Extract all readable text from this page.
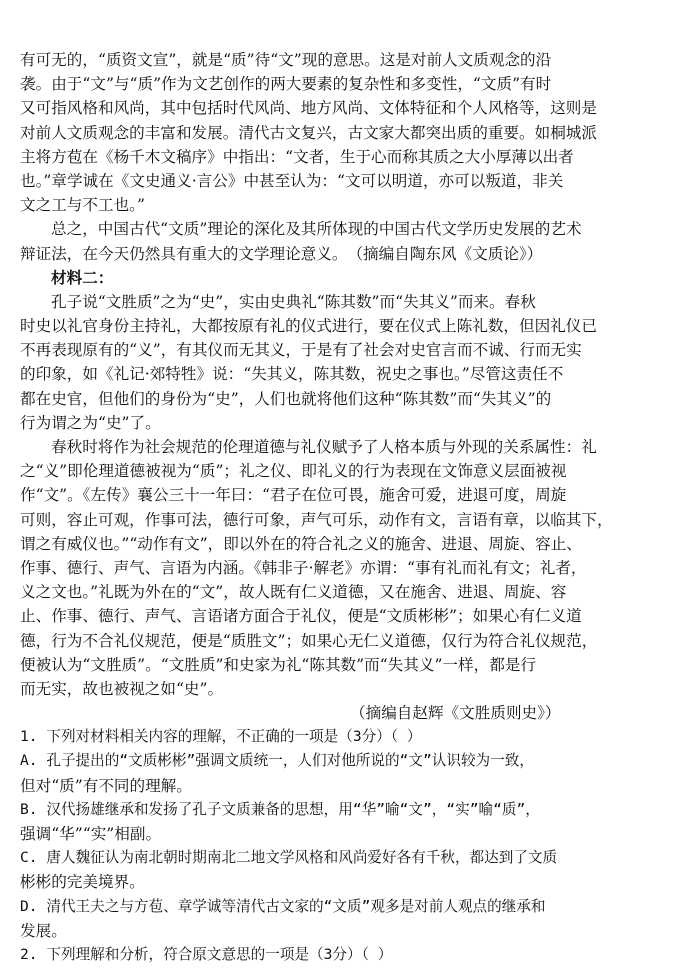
有可无的，“质资文宣”，就是“质”待“文”现的意思。这是对前人文质观念的沿
袭。由于“文”与“质”作为文艺创作的两大要素的复杂性和多变性，“文质”有时
又可指风格和风尚，其中包括时代风尚、地方风尚、文体特征和个人风格等，这则是
对前人文质观念的丰富和发展。清代古文复兴，古文家大都突出质的重要。如桐城派
主将方苞在《杨千木文稿序》中指出：“文者，生于心而称其质之大小厚薄以出者
也。”章学诚在《文史通义·言公》中甚至认为：“文可以明道，亦可以叛道，非关
文之工与不工也。”
总之，中国古代“文质”理论的深化及其所体现的中国古代文学历史发展的艺术
辩证法，在今天仍然具有重大的文学理论意义。　（摘编自陶东风《文质论》）
材料二：
孔子说“文胜质”之为“史”，实由史典礼“陈其数”而“失其义”而来。春秋
时史以礼官身份主持礼，大都按原有礼的仪式进行，要在仪式上陈礼数，但因礼仪已
不再表现原有的“义”，有其仪而无其义，于是有了社会对史官言而不诚、行而无实
的印象，如《礼记·郊特牲》说：“失其义，陈其数，祝史之事也。”尽管这责任不
都在史官，但他们的身份为“史”，人们也就将他们这种“陈其数”而“失其义”的
行为谓之为“史”了。
春秋时将作为社会规范的伦理道德与礼仪赋予了人格本质与外现的关系属性：礼
之“义”即伦理道德被视为“质”；礼之仪、即礼义的行为表现在文饰意义层面被视
作“文”。《左传》襄公三十一年曰：“君子在位可畏，施舍可爱，进退可度，周旋
可则，容止可观，作事可法，德行可象，声气可乐，动作有文，言语有章，以临其下，
谓之有威仪也。”“动作有文”，即以外在的符合礼之义的施舍、进退、周旋、容止、
作事、德行、声气、言语为内涵。《韩非子·解老》亦谓：“事有礼而礼有文；礼者，
义之文也。”礼既为外在的“文”，故人既有仁义道德，又在施舍、进退、周旋、容
止、作事、德行、声气、言语诸方面合于礼仪，便是“文质彬彬”；如果心有仁义道
德，行为不合礼仪规范，便是“质胜文”；如果心无仁义道德，仅行为符合礼仪规范，
便被认为“文胜质”。“文胜质”和史家为礼“陈其数”而“失其义”一样，都是行
而无实，故也被视之如“史”。
（摘编自赵辉《文胜质则史》）
1. 下列对材料相关内容的理解，不正确的一项是（3分）（ ）
A. 孔子提出的“文质彬彬”强调文质统一，人们对他所说的“文”认识较为一致，
但对“质”有不同的理解。
B. 汉代扬雄继承和发扬了孔子文质兼备的思想，用“华”喻“文”，“实”喻“质”，
强调“华”“实”相副。
C. 唐人魏征认为南北朝时期南北二地文学风格和风尚爱好各有千秋，都达到了文质
彬彬的完美境界。
D. 清代王夫之与方苞、章学诚等清代古文家的“文质”观多是对前人观点的继承和
发展。
2. 下列理解和分析，符合原文意思的一项是（3分）（ ）
